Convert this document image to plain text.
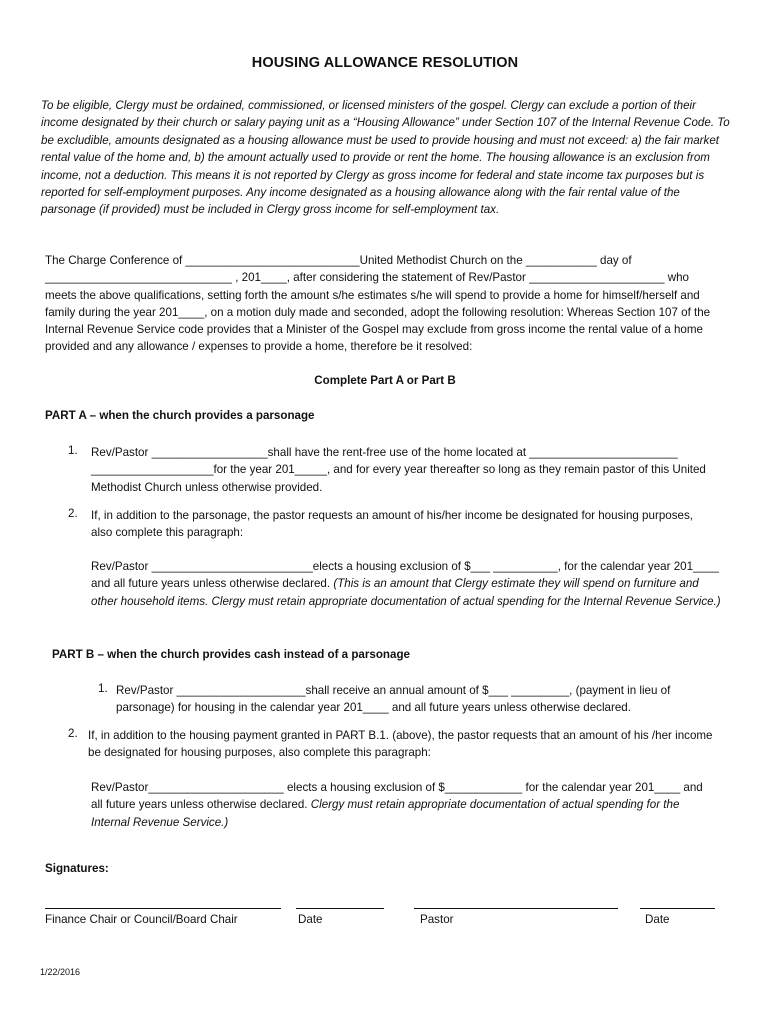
HOUSING ALLOWANCE RESOLUTION
To be eligible, Clergy must be ordained, commissioned, or licensed ministers of the gospel. Clergy can exclude a portion of their income designated by their church or salary paying unit as a “Housing Allowance” under Section 107 of the Internal Revenue Code. To be excludible, amounts designated as a housing allowance must be used to provide housing and must not exceed: a) the fair market rental value of the home and, b) the amount actually used to provide or rent the home. The housing allowance is an exclusion from income, not a deduction. This means it is not reported by Clergy as gross income for federal and state income tax purposes but is reported for self-employment purposes. Any income designated as a housing allowance along with the fair rental value of the parsonage (if provided) must be included in Clergy gross income for self-employment tax.
The Charge Conference of ___________________________United Methodist Church on the ___________ day of _____________________________ , 201____, after considering the statement of Rev/Pastor _____________________ who meets the above qualifications, setting forth the amount s/he estimates s/he will spend to provide a home for himself/herself and family during the year 201____, on a motion duly made and seconded, adopt the following resolution: Whereas Section 107 of the Internal Revenue Service code provides that a Minister of the Gospel may exclude from gross income the rental value of a home provided and any allowance / expenses to provide a home, therefore be it resolved:
Complete Part A or Part B
PART A – when the church provides a parsonage
1. Rev/Pastor __________________shall have the rent-free use of the home located at _______________________ ___________________for the year 201_____, and for every year thereafter so long as they remain pastor of this United Methodist Church unless otherwise provided.
2. If, in addition to the parsonage, the pastor requests an amount of his/her income be designated for housing purposes, also complete this paragraph:
Rev/Pastor _________________________elects a housing exclusion of $___ __________, for the calendar year 201____ and all future years unless otherwise declared. (This is an amount that Clergy estimate they will spend on furniture and other household items. Clergy must retain appropriate documentation of actual spending for the Internal Revenue Service.)
PART B – when the church provides cash instead of a parsonage
1. Rev/Pastor ____________________shall receive an annual amount of $___ _________, (payment in lieu of parsonage) for housing in the calendar year 201____ and all future years unless otherwise declared.
2. If, in addition to the housing payment granted in PART B.1. (above), the pastor requests that an amount of his /her income be designated for housing purposes, also complete this paragraph:
Rev/Pastor_____________________ elects a housing exclusion of $____________ for the calendar year 201____ and all future years unless otherwise declared. Clergy must retain appropriate documentation of actual spending for the Internal Revenue Service.)
Signatures:
Finance Chair or Council/Board Chair	Date	Pastor	Date
1/22/2016
